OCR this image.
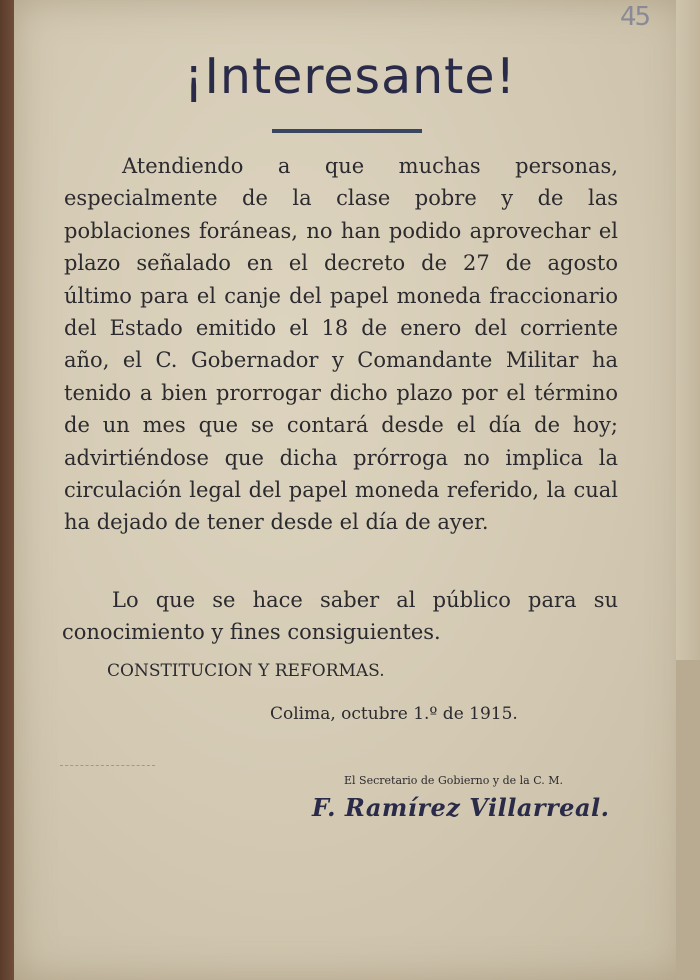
45
¡Interesante!

Atendiendo a que muchas personas, especialmente de la clase pobre y de las poblaciones foráneas, no han podido aprovechar el plazo señalado en el decreto de 27 de agosto último para el canje del papel moneda fraccionario del Estado emitido el 18 de enero del corriente año, el C. Gobernador y Comandante Militar ha tenido a bien prorrogar dicho plazo por el término de un mes que se contará desde el día de hoy; advirtiéndose que dicha prórroga no implica la circulación legal del papel moneda referido, la cual ha dejado de tener desde el día de ayer.

Lo que se hace saber al público para su conocimiento y fines consiguientes.

CONSTITUCION Y REFORMAS.

Colima, octubre 1.º de 1915.

El Secretario de Gobierno y de la C. M.

F. Ramírez Villarreal.
